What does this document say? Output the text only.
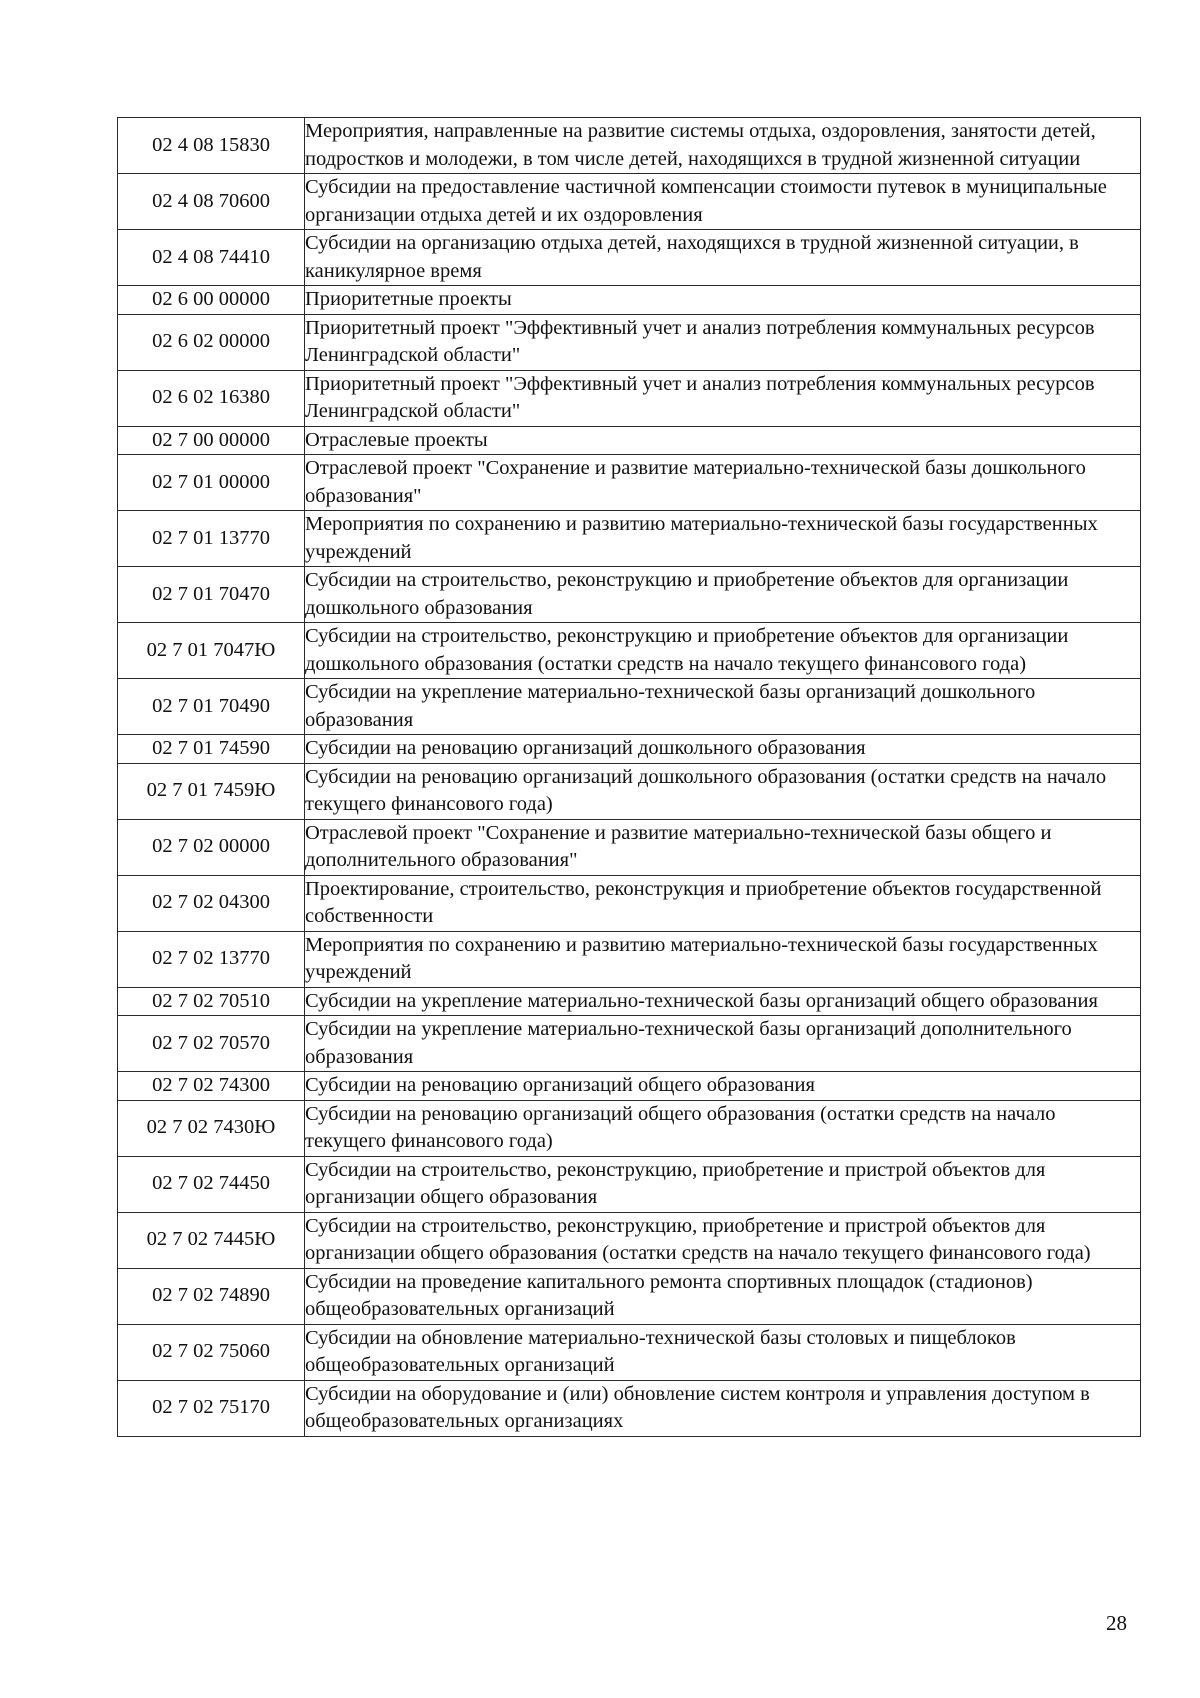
02 4 08 15830	Мероприятия, направленные на развитие системы отдыха, оздоровления, занятости детей, подростков и молодежи, в том числе детей, находящихся в трудной жизненной ситуации
02 4 08 70600	Субсидии на предоставление частичной компенсации стоимости путевок в муниципальные организации отдыха детей и их оздоровления
02 4 08 74410	Субсидии на организацию отдыха детей, находящихся в трудной жизненной ситуации, в каникулярное время
02 6 00 00000	Приоритетные проекты
02 6 02 00000	Приоритетный проект "Эффективный учет и анализ потребления коммунальных ресурсов Ленинградской области"
02 6 02 16380	Приоритетный проект "Эффективный учет и анализ потребления коммунальных ресурсов Ленинградской области"
02 7 00 00000	Отраслевые проекты
02 7 01 00000	Отраслевой проект "Сохранение и развитие материально-технической базы дошкольного образования"
02 7 01 13770	Мероприятия по сохранению и развитию материально-технической базы государственных учреждений
02 7 01 70470	Субсидии на строительство, реконструкцию и приобретение объектов для организации дошкольного образования
02 7 01 7047Ю	Субсидии на строительство, реконструкцию и приобретение объектов для организации дошкольного образования (остатки средств на начало текущего финансового года)
02 7 01 70490	Субсидии на укрепление материально-технической базы организаций дошкольного образования
02 7 01 74590	Субсидии на реновацию организаций дошкольного образования
02 7 01 7459Ю	Субсидии на реновацию организаций дошкольного образования (остатки средств на начало текущего финансового года)
02 7 02 00000	Отраслевой проект "Сохранение и развитие материально-технической базы общего и дополнительного образования"
02 7 02 04300	Проектирование, строительство, реконструкция и приобретение объектов государственной собственности
02 7 02 13770	Мероприятия по сохранению и развитию материально-технической базы государственных учреждений
02 7 02 70510	Субсидии на укрепление материально-технической базы организаций общего образования
02 7 02 70570	Субсидии на укрепление материально-технической базы организаций дополнительного образования
02 7 02 74300	Субсидии на реновацию организаций общего образования
02 7 02 7430Ю	Субсидии на реновацию организаций общего образования (остатки средств на начало текущего финансового года)
02 7 02 74450	Субсидии на строительство, реконструкцию, приобретение и пристрой объектов для организации общего образования
02 7 02 7445Ю	Субсидии на строительство, реконструкцию, приобретение и пристрой объектов для организации общего образования (остатки средств на начало текущего финансового года)
02 7 02 74890	Субсидии на проведение капитального ремонта спортивных площадок (стадионов) общеобразовательных организаций
02 7 02 75060	Субсидии на обновление материально-технической базы столовых и пищеблоков общеобразовательных организаций
02 7 02 75170	Субсидии на оборудование и (или) обновление систем контроля и управления доступом в общеобразовательных организациях
28
